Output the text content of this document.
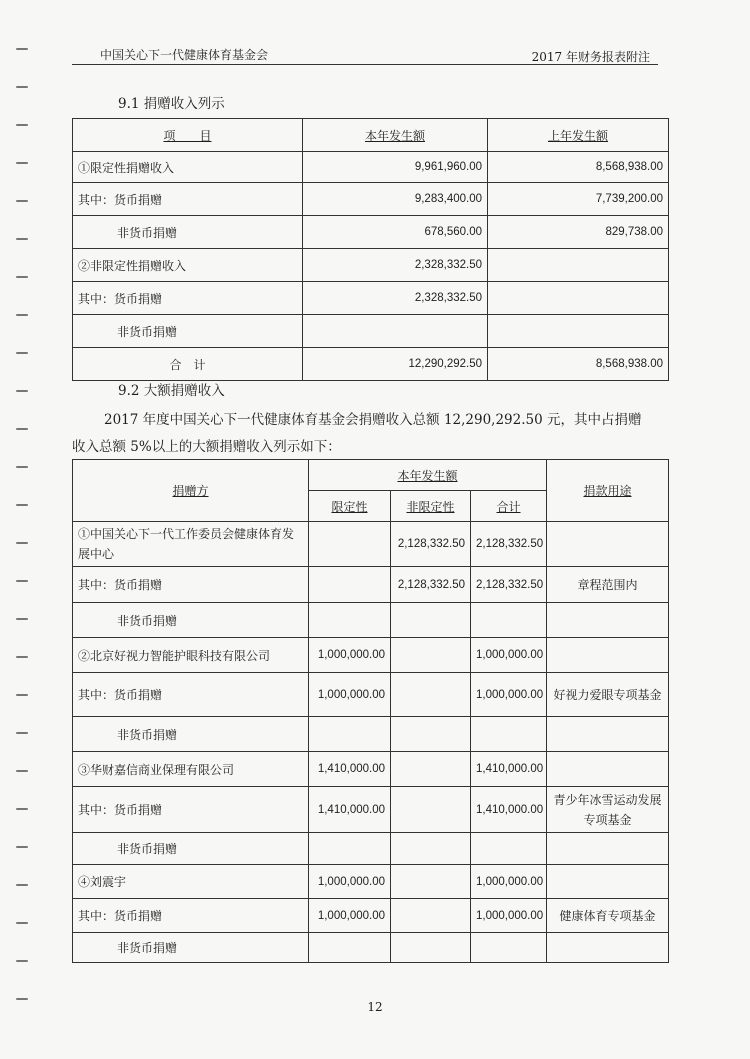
中国关心下一代健康体育基金会	2017 年财务报表附注
9.1 捐赠收入列示
项　　目	本年发生额	上年发生额
①限定性捐赠收入	9,961,960.00	8,568,938.00
其中：货币捐赠	9,283,400.00	7,739,200.00
非货币捐赠	678,560.00	829,738.00
②非限定性捐赠收入	2,328,332.50	
其中：货币捐赠	2,328,332.50	
非货币捐赠		
合　计	12,290,292.50	8,568,938.00
9.2 大额捐赠收入
2017 年度中国关心下一代健康体育基金会捐赠收入总额 12,290,292.50 元，其中占捐赠
收入总额 5%以上的大额捐赠收入列示如下：
捐赠方	本年发生额			捐款用途
	限定性	非限定性	合计	
①中国关心下一代工作委员会健康体育发展中心		2,128,332.50	2,128,332.50	
其中：货币捐赠		2,128,332.50	2,128,332.50	章程范围内
非货币捐赠				
②北京好视力智能护眼科技有限公司	1,000,000.00		1,000,000.00	
其中：货币捐赠	1,000,000.00		1,000,000.00	好视力爱眼专项基金
非货币捐赠				
③华财嘉信商业保理有限公司	1,410,000.00		1,410,000.00	
其中：货币捐赠	1,410,000.00		1,410,000.00	青少年冰雪运动发展专项基金
非货币捐赠				
④刘震宇	1,000,000.00		1,000,000.00	
其中：货币捐赠	1,000,000.00		1,000,000.00	健康体育专项基金
非货币捐赠				
12
